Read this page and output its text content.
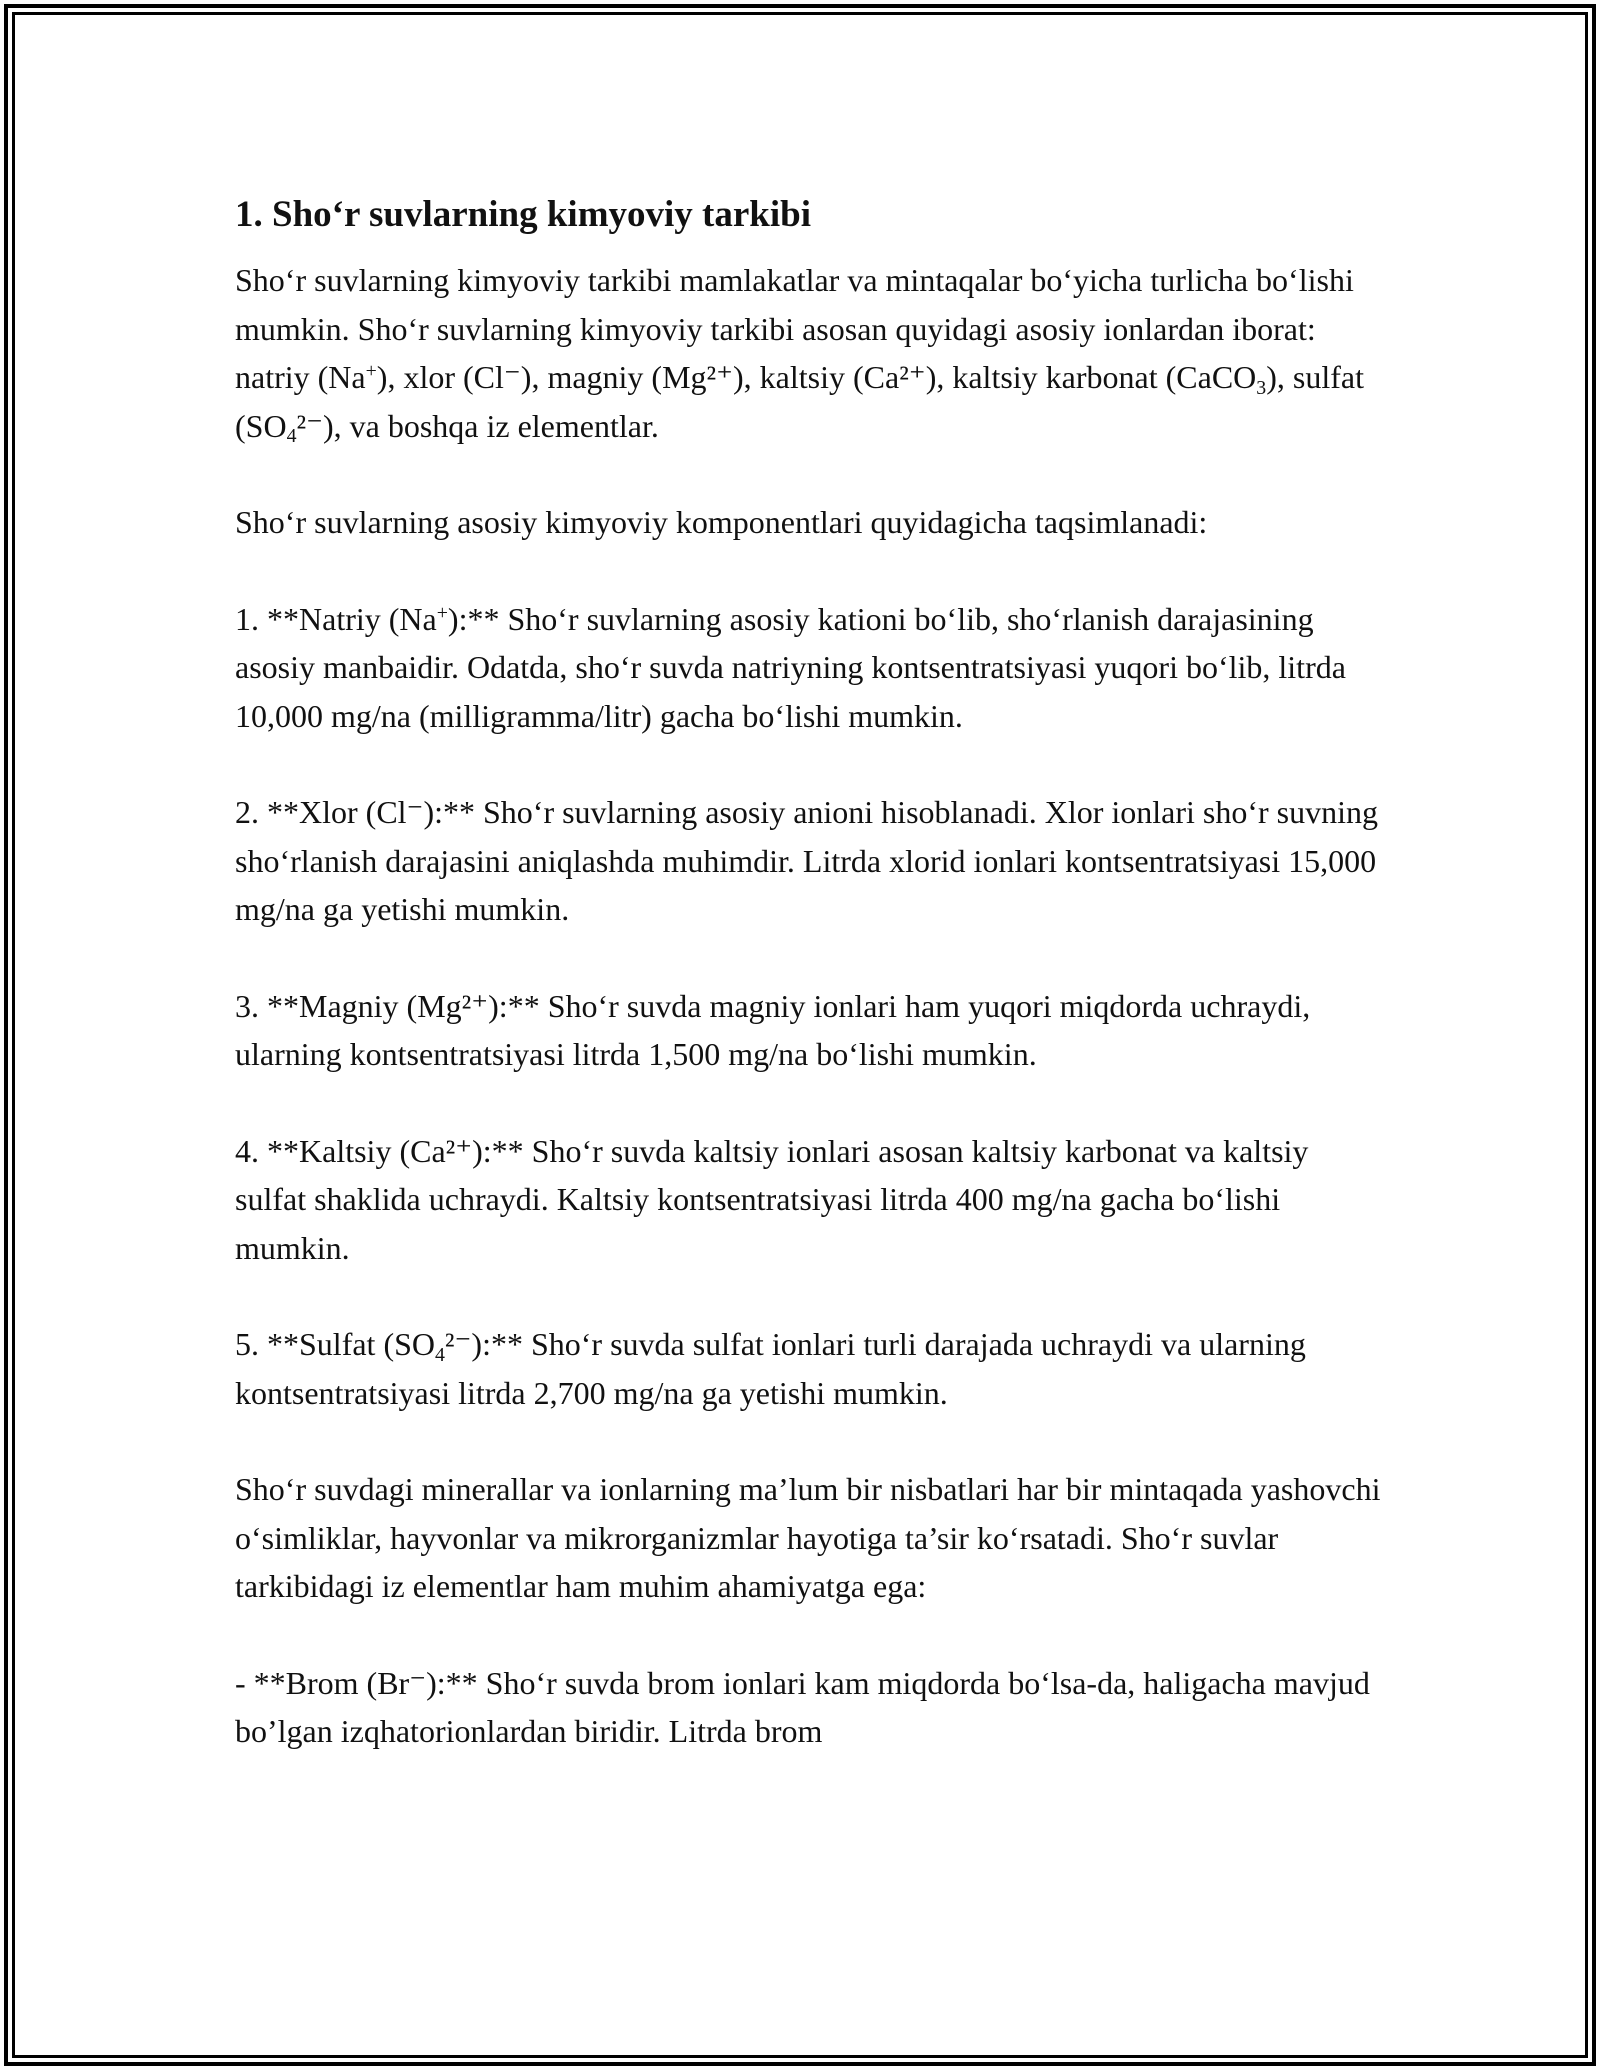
1. Sho‘r suvlarning kimyoviy tarkibi

Sho‘r suvlarning kimyoviy tarkibi mamlakatlar va mintaqalar bo‘yicha turlicha bo‘lishi mumkin. Sho‘r suvlarning kimyoviy tarkibi asosan quyidagi asosiy ionlardan iborat: natriy (Na+), xlor (Cl⁻), magniy (Mg²⁺), kaltsiy (Ca²⁺), kaltsiy karbonat (CaCO$_3$), sulfat $(SO_4^{2-})$, va boshqa iz elementlar.

Sho‘r suvlarning asosiy kimyoviy komponentlari quyidagicha taqsimlanadi:

1. **Natriy (Na+):** Sho‘r suvlarning asosiy kationi bo‘lib, sho‘rlanish darajasining asosiy manbaidir. Odatda, sho‘r suvda natriyning kontsentratsiyasi yuqori bo‘lib, litrda 10,000 mg/na (milligramma/litr) gacha bo‘lishi mumkin.

2. **Xlor (Cl⁻):** Sho‘r suvlarning asosiy anioni hisoblanadi. Xlor ionlari sho‘r suvning sho‘rlanish darajasini aniqlashda muhimdir. Litrda xlorid ionlari kontsentratsiyasi 15,000 mg/na ga yetishi mumkin.

3. **Magniy (Mg²⁺):** Sho‘r suvda magniy ionlari ham yuqori miqdorda uchraydi, ularning kontsentratsiyasi litrda 1,500 mg/na bo‘lishi mumkin.

4. **Kaltsiy (Ca²⁺):** Sho‘r suvda kaltsiy ionlari asosan kaltsiy karbonat va kaltsiy sulfat shaklida uchraydi. Kaltsiy kontsentratsiyasi litrda 400 mg/na gacha bo‘lishi mumkin.

5. **Sulfat $(SO_4^{2-}):**$ Sho‘r suvda sulfat ionlari turli darajada uchraydi va ularning kontsentratsiyasi litrda 2,700 mg/na ga yetishi mumkin.

Sho‘r suvdagi minerallar va ionlarning ma’lum bir nisbatlari har bir mintaqada yashovchi o‘simliklar, hayvonlar va mikrorganizmlar hayotiga ta’sir ko‘rsatadi. Sho‘r suvlar tarkibidagi iz elementlar ham muhim ahamiyatga ega:

- **Brom (Br⁻):** Sho‘r suvda brom ionlari kam miqdorda bo‘lsa-da, haligacha mavjud bo’lgan izqhatorionlardan biridir. Litrda brom
